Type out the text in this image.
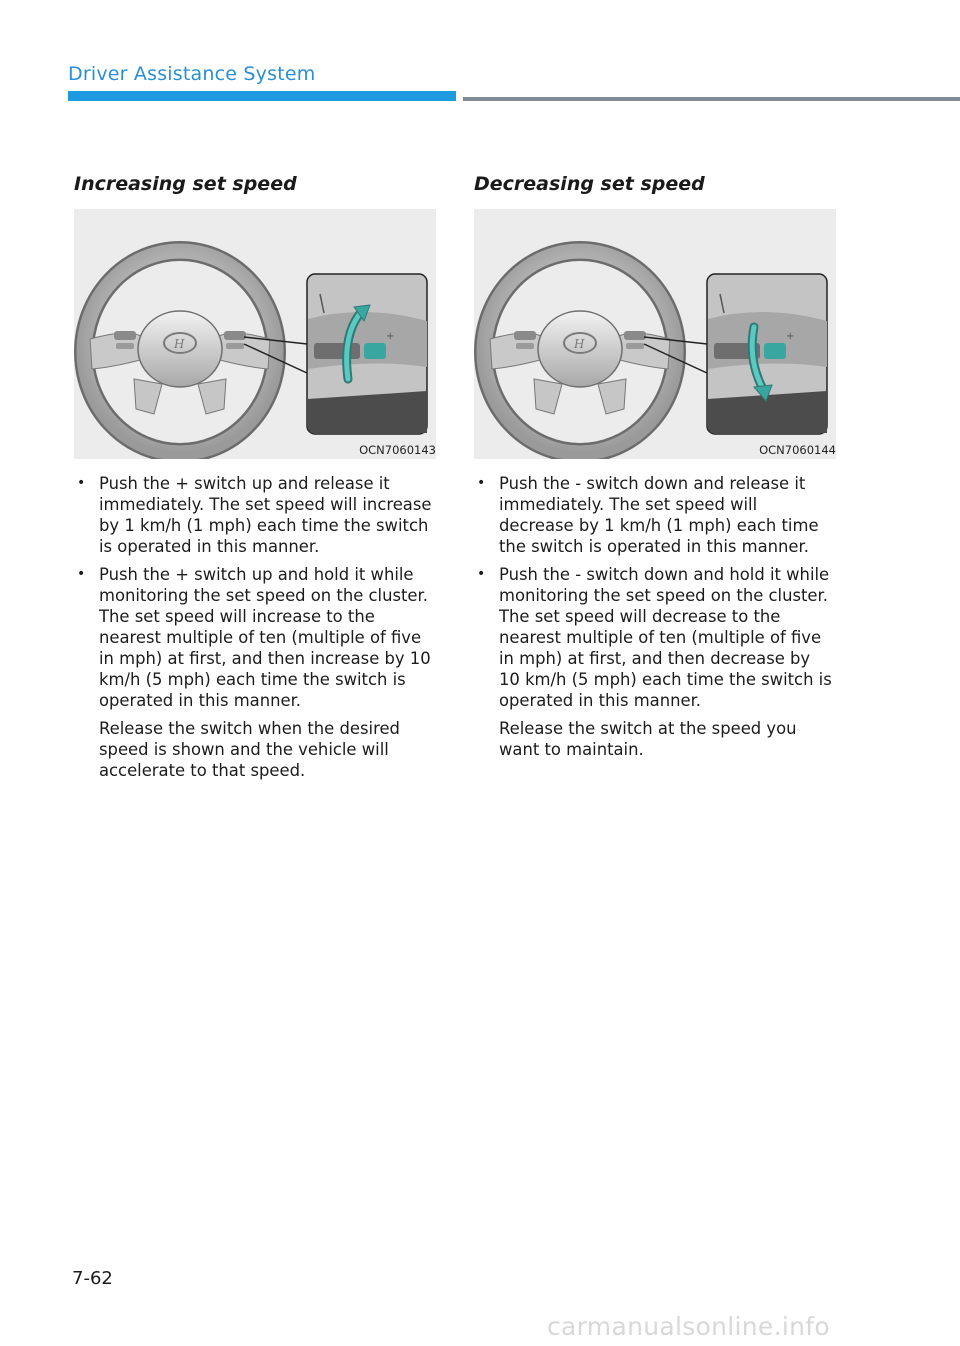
Driver Assistance System
Increasing set speed
H
+
OCN7060143
• Push the + switch up and release it immediately. The set speed will increase by 1 km/h (1 mph) each time the switch is operated in this manner.
• Push the + switch up and hold it while monitoring the set speed on the cluster. The set speed will increase to the nearest multiple of ten (multiple of five in mph) at first, and then increase by 10 km/h (5 mph) each time the switch is operated in this manner.

Release the switch when the desired speed is shown and the vehicle will accelerate to that speed.

Decreasing set speed
H
+
OCN7060144
• Push the - switch down and release it immediately. The set speed will decrease by 1 km/h (1 mph) each time the switch is operated in this manner.
• Push the - switch down and hold it while monitoring the set speed on the cluster. The set speed will decrease to the nearest multiple of ten (multiple of five in mph) at first, and then decrease by 10 km/h (5 mph) each time the switch is operated in this manner.

Release the switch at the speed you want to maintain.

7-62
carmanualsonline.info
